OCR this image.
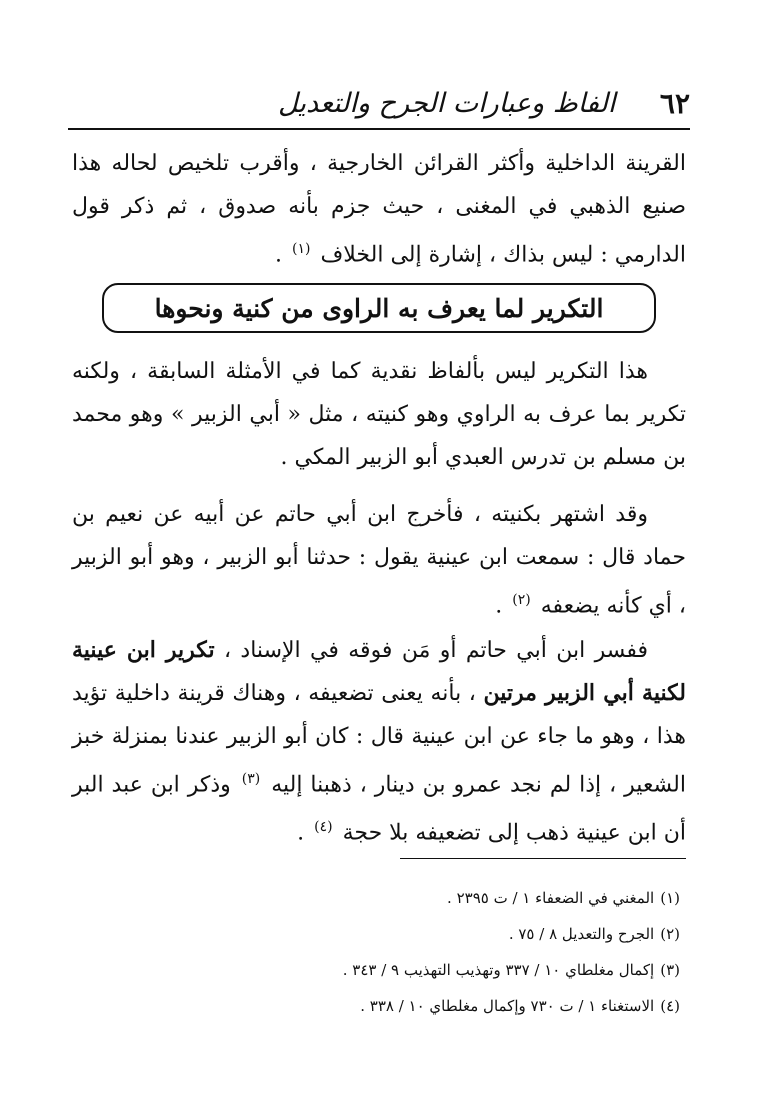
٦٢
الفاظ وعبارات الجرح والتعديل

القرينة الداخلية وأكثر القرائن الخارجية ، وأقرب تلخيص لحاله هذا صنيع الذهبي في المغنى ، حيث جزم بأنه صدوق ، ثم ذكر قول الدارمي : ليس بذاك ، إشارة إلى الخلاف $^{(١)}$ .

التكرير لما يعرف به الراوى من كنية ونحوها

هذا التكرير ليس بألفاظ نقدية كما في الأمثلة السابقة ، ولكنه تكرير بما عرف به الراوي وهو كنيته ، مثل « أبي الزبير » وهو محمد بن مسلم بن تدرس العبدي أبو الزبير المكي .

وقد اشتهر بكنيته ، فأخرج ابن أبي حاتم عن أبيه عن نعيم بن حماد قال : سمعت ابن عينية يقول : حدثنا أبو الزبير ، وهو أبو الزبير ، أي كأنه يضعفه $^{(٢)}$ .

ففسر ابن أبي حاتم أو مَن فوقه في الإسناد ، تكرير ابن عينية لكنية أبي الزبير مرتين ، بأنه يعنى تضعيفه ، وهناك قرينة داخلية تؤيد هذا ، وهو ما جاء عن ابن عينية قال : كان أبو الزبير عندنا بمنزلة خبز الشعير ، إذا لم نجد عمرو بن دينار ، ذهبنا إليه $^{(٣)}$ وذكر ابن عبد البر أن ابن عينية ذهب إلى تضعيفه بلا حجة $^{(٤)}$ .

(١)المغني في الضعفاء ١ / ت ٢٣٩٥ .

(٢)الجرح والتعديل ٨ / ٧٥ .

(٣)إكمال مغلطاي ١٠ / ٣٣٧ وتهذيب التهذيب ٩ / ٣٤٣ .

(٤)الاستغناء ١ / ت ٧٣٠ وإكمال مغلطاي ١٠ / ٣٣٨ .
